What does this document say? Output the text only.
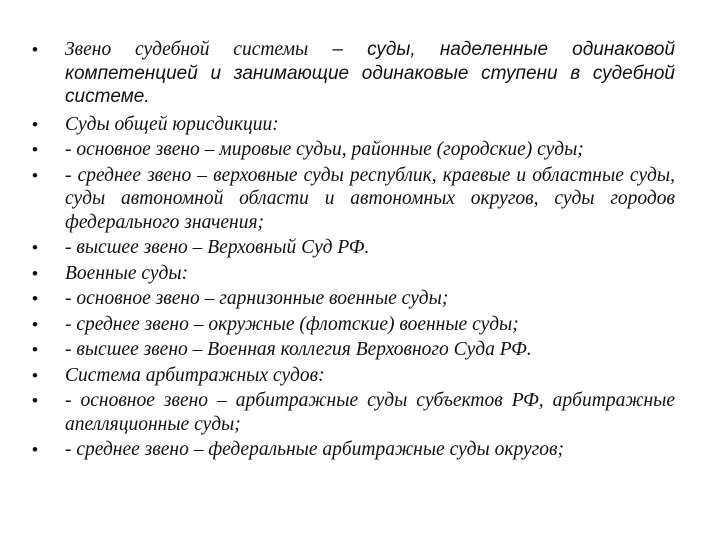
• Звено судебной системы – суды, наделенные одинаковой компетенцией и занимающие одинаковые ступени в судебной системе.
• Суды общей юрисдикции:
• - основное звено – мировые судьи, районные (городские) суды;
• - среднее звено – верховные суды республик, краевые и областные суды, суды автономной области и автономных округов, суды городов федерального значения;
• - высшее звено – Верховный Суд РФ.
• Военные суды:
• - основное звено – гарнизонные военные суды;
• - среднее звено – окружные (флотские) военные суды;
• - высшее звено – Военная коллегия Верховного Суда РФ.
• Система арбитражных судов:
• - основное звено – арбитражные суды субъектов РФ, арбитражные апелляционные суды;
• - среднее звено – федеральные арбитражные суды округов;
